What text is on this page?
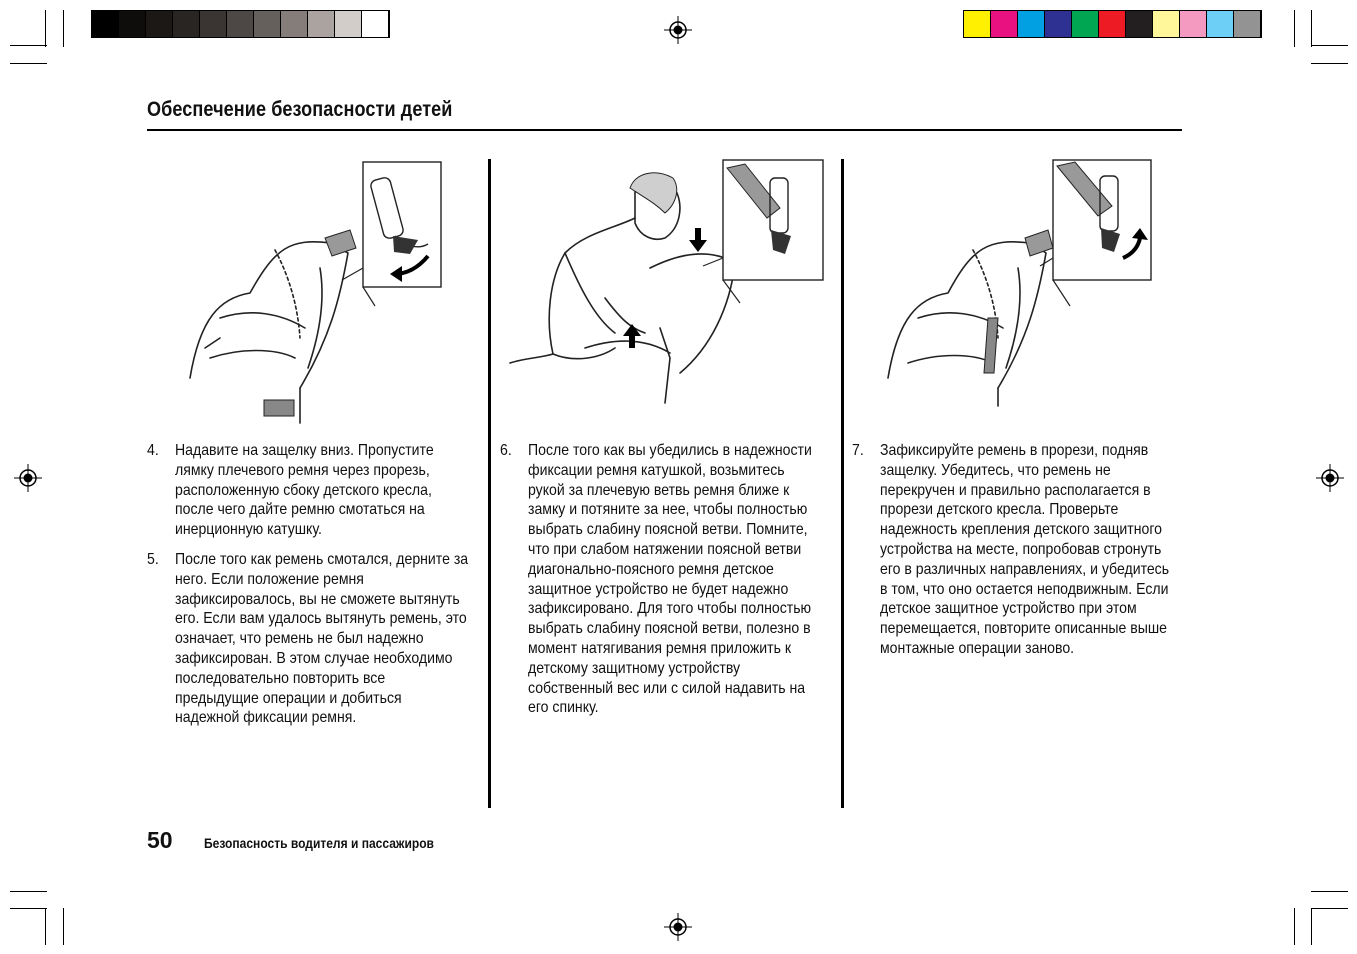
Обеспечение безопасности детей
4.	Надавите на защелку вниз. Пропустите лямку плечевого ремня через прорезь, расположенную сбоку детского кресла, после чего дайте ремню смотаться на инерционную катушку.
5.	После того как ремень смотался, дерните за него. Если положение ремня зафиксировалось, вы не сможете вытянуть его. Если вам удалось вытянуть ремень, это означает, что ремень не был надежно зафиксирован. В этом случае необходимо последовательно повторить все предыдущие операции и добиться надежной фиксации ремня.
6.	После того как вы убедились в надежности фиксации ремня катушкой, возьмитесь рукой за плечевую ветвь ремня ближе к замку и потяните за нее, чтобы полностью выбрать слабину поясной ветви. Помните, что при слабом натяжении поясной ветви диагонально-поясного ремня детское защитное устройство не будет надежно зафиксировано. Для того чтобы полностью выбрать слабину поясной ветви, полезно в момент натягивания ремня приложить к детскому защитному устройству собственный вес или с силой надавить на его спинку.
7.	Зафиксируйте ремень в прорези, подняв защелку. Убедитесь, что ремень не перекручен и правильно располагается в прорези детского кресла. Проверьте надежность крепления детского защитного устройства на месте, попробовав стронуть его в различных направлениях, и убедитесь в том, что оно остается неподвижным. Если детское защитное устройство при этом перемещается, повторите описанные выше монтажные операции заново.
50 Безопасность водителя и пассажиров
